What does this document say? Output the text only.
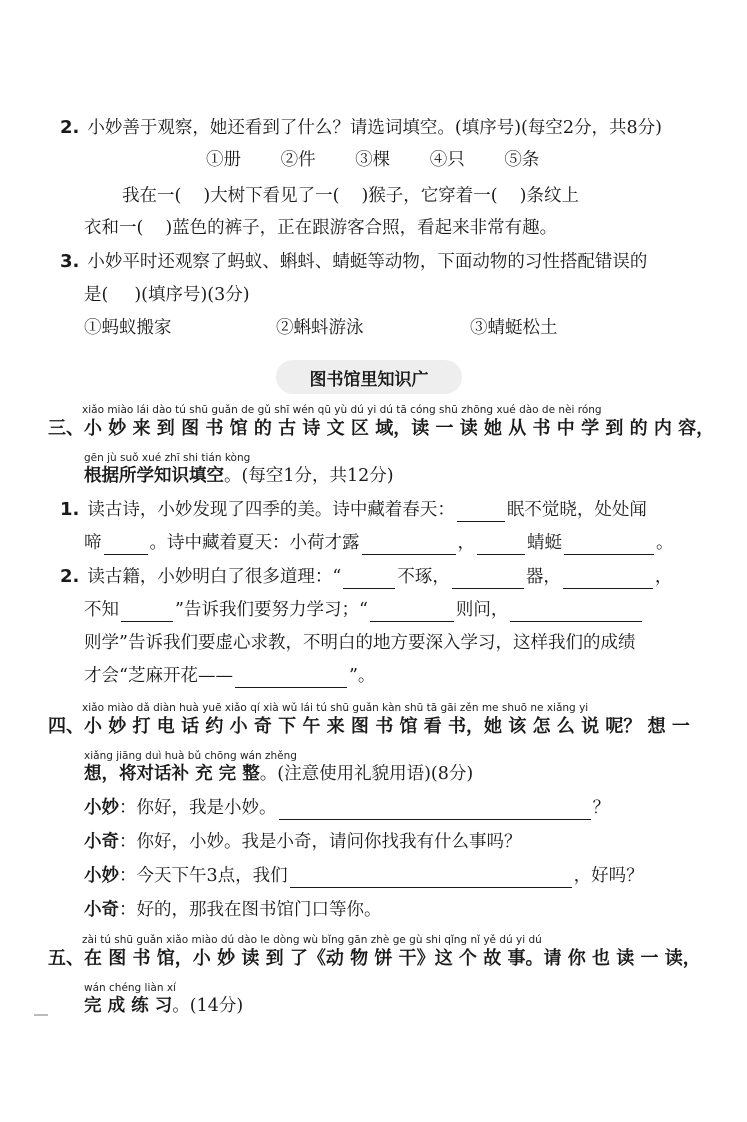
2. 小妙善于观察，她还看到了什么？请选词填空。(填序号)(每空2分，共8分)
①册 ②件 ③棵 ④只 ⑤条
我在一( )大树下看见了一( )猴子，它穿着一( )条纹上
衣和一( )蓝色的裤子，正在跟游客合照，看起来非常有趣。
3. 小妙平时还观察了蚂蚁、蝌蚪、蜻蜓等动物，下面动物的习性搭配错误的
是( )(填序号)(3分)
①蚂蚁搬家	②蝌蚪游泳	③蜻蜓松土
图书馆里知识广
xiǎo miào lái dào tú shū guǎn de gǔ shī wén qū yù dú yi dú tā cóng shū zhōng xué dào de nèi róng
三、小 妙 来 到 图 书 馆 的 古 诗 文 区 域，读 一 读 她 从 书 中 学 到 的 内 容，
gēn jù suǒ xué zhī shi tián kòng
根据所学知识填空。(每空1分，共12分)
1. 读古诗，小妙发现了四季的美。诗中藏着春天：	眠不觉晓，处处闻
啼	。诗中藏着夏天：小荷才露	，	蜻蜓	。
2. 读古籍，小妙明白了很多道理：“	不琢，	器，	，
不知	”告诉我们要努力学习；“	则问，
则学”告诉我们要虚心求教，不明白的地方要深入学习，这样我们的成绩
才会“芝麻开花——	”。
xiǎo miào dǎ diàn huà yuē xiǎo qí xià wǔ lái tú shū guǎn kàn shū tā gāi zěn me shuō ne xiǎng yi
四、小 妙 打 电 话 约 小 奇 下 午 来 图 书 馆 看 书，她 该 怎 么 说 呢？ 想 一
xiǎng jiāng duì huà bǔ chōng wán zhěng
想，将对话补 充 完 整。(注意使用礼貌用语)(8分)
小妙：你好，我是小妙。	？
小奇：你好，小妙。我是小奇，请问你找我有什么事吗？
小妙：今天下午3点，我们	，好吗？
小奇：好的，那我在图书馆门口等你。
zài tú shū guǎn xiǎo miào dú dào le dòng wù bǐng gān zhè ge gù shi qǐng nǐ yě dú yi dú
五、在 图 书 馆，小 妙 读 到 了《动 物 饼 干》这 个 故 事。请 你 也 读 一 读，
wán chéng liàn xí
完 成 练 习。(14分)
